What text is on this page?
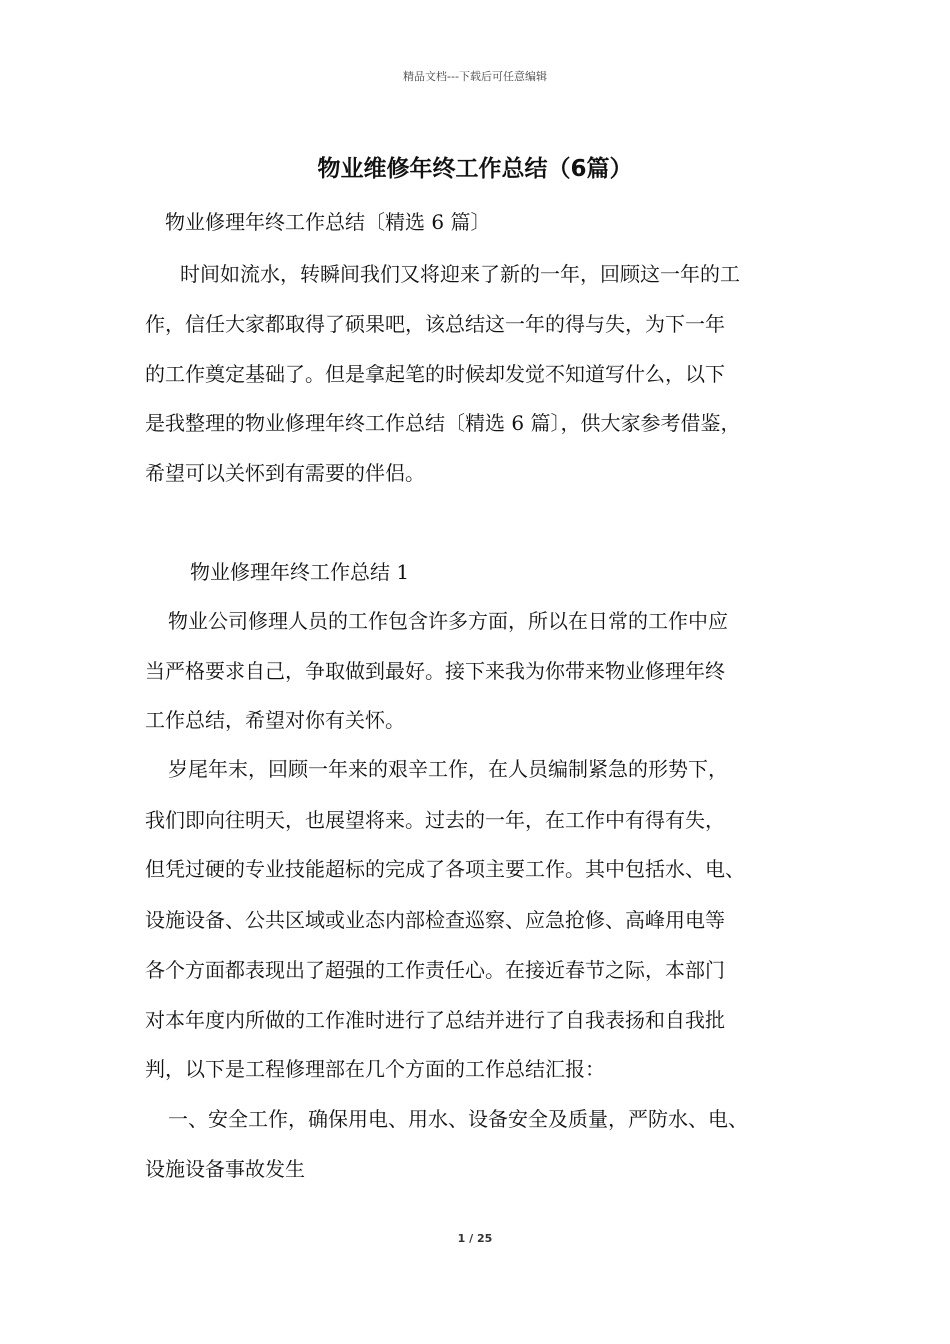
精品文档---下载后可任意编辑
物业维修年终工作总结（6篇）
物业修理年终工作总结〔精选 6 篇〕
时间如流水，转瞬间我们又将迎来了新的一年，回顾这一年的工
作，信任大家都取得了硕果吧，该总结这一年的得与失，为下一年
的工作奠定基础了。但是拿起笔的时候却发觉不知道写什么，以下
是我整理的物业修理年终工作总结〔精选 6 篇〕，供大家参考借鉴，
希望可以关怀到有需要的伴侣。
物业修理年终工作总结 1
物业公司修理人员的工作包含许多方面，所以在日常的工作中应
当严格要求自己，争取做到最好。接下来我为你带来物业修理年终
工作总结，希望对你有关怀。
岁尾年末，回顾一年来的艰辛工作，在人员编制紧急的形势下，
我们即向往明天，也展望将来。过去的一年，在工作中有得有失，
但凭过硬的专业技能超标的完成了各项主要工作。其中包括水、电、
设施设备、公共区域或业态内部检查巡察、应急抢修、高峰用电等
各个方面都表现出了超强的工作责任心。在接近春节之际，本部门
对本年度内所做的工作准时进行了总结并进行了自我表扬和自我批
判，以下是工程修理部在几个方面的工作总结汇报：
一、安全工作，确保用电、用水、设备安全及质量，严防水、电、
设施设备事故发生
1 / 25
